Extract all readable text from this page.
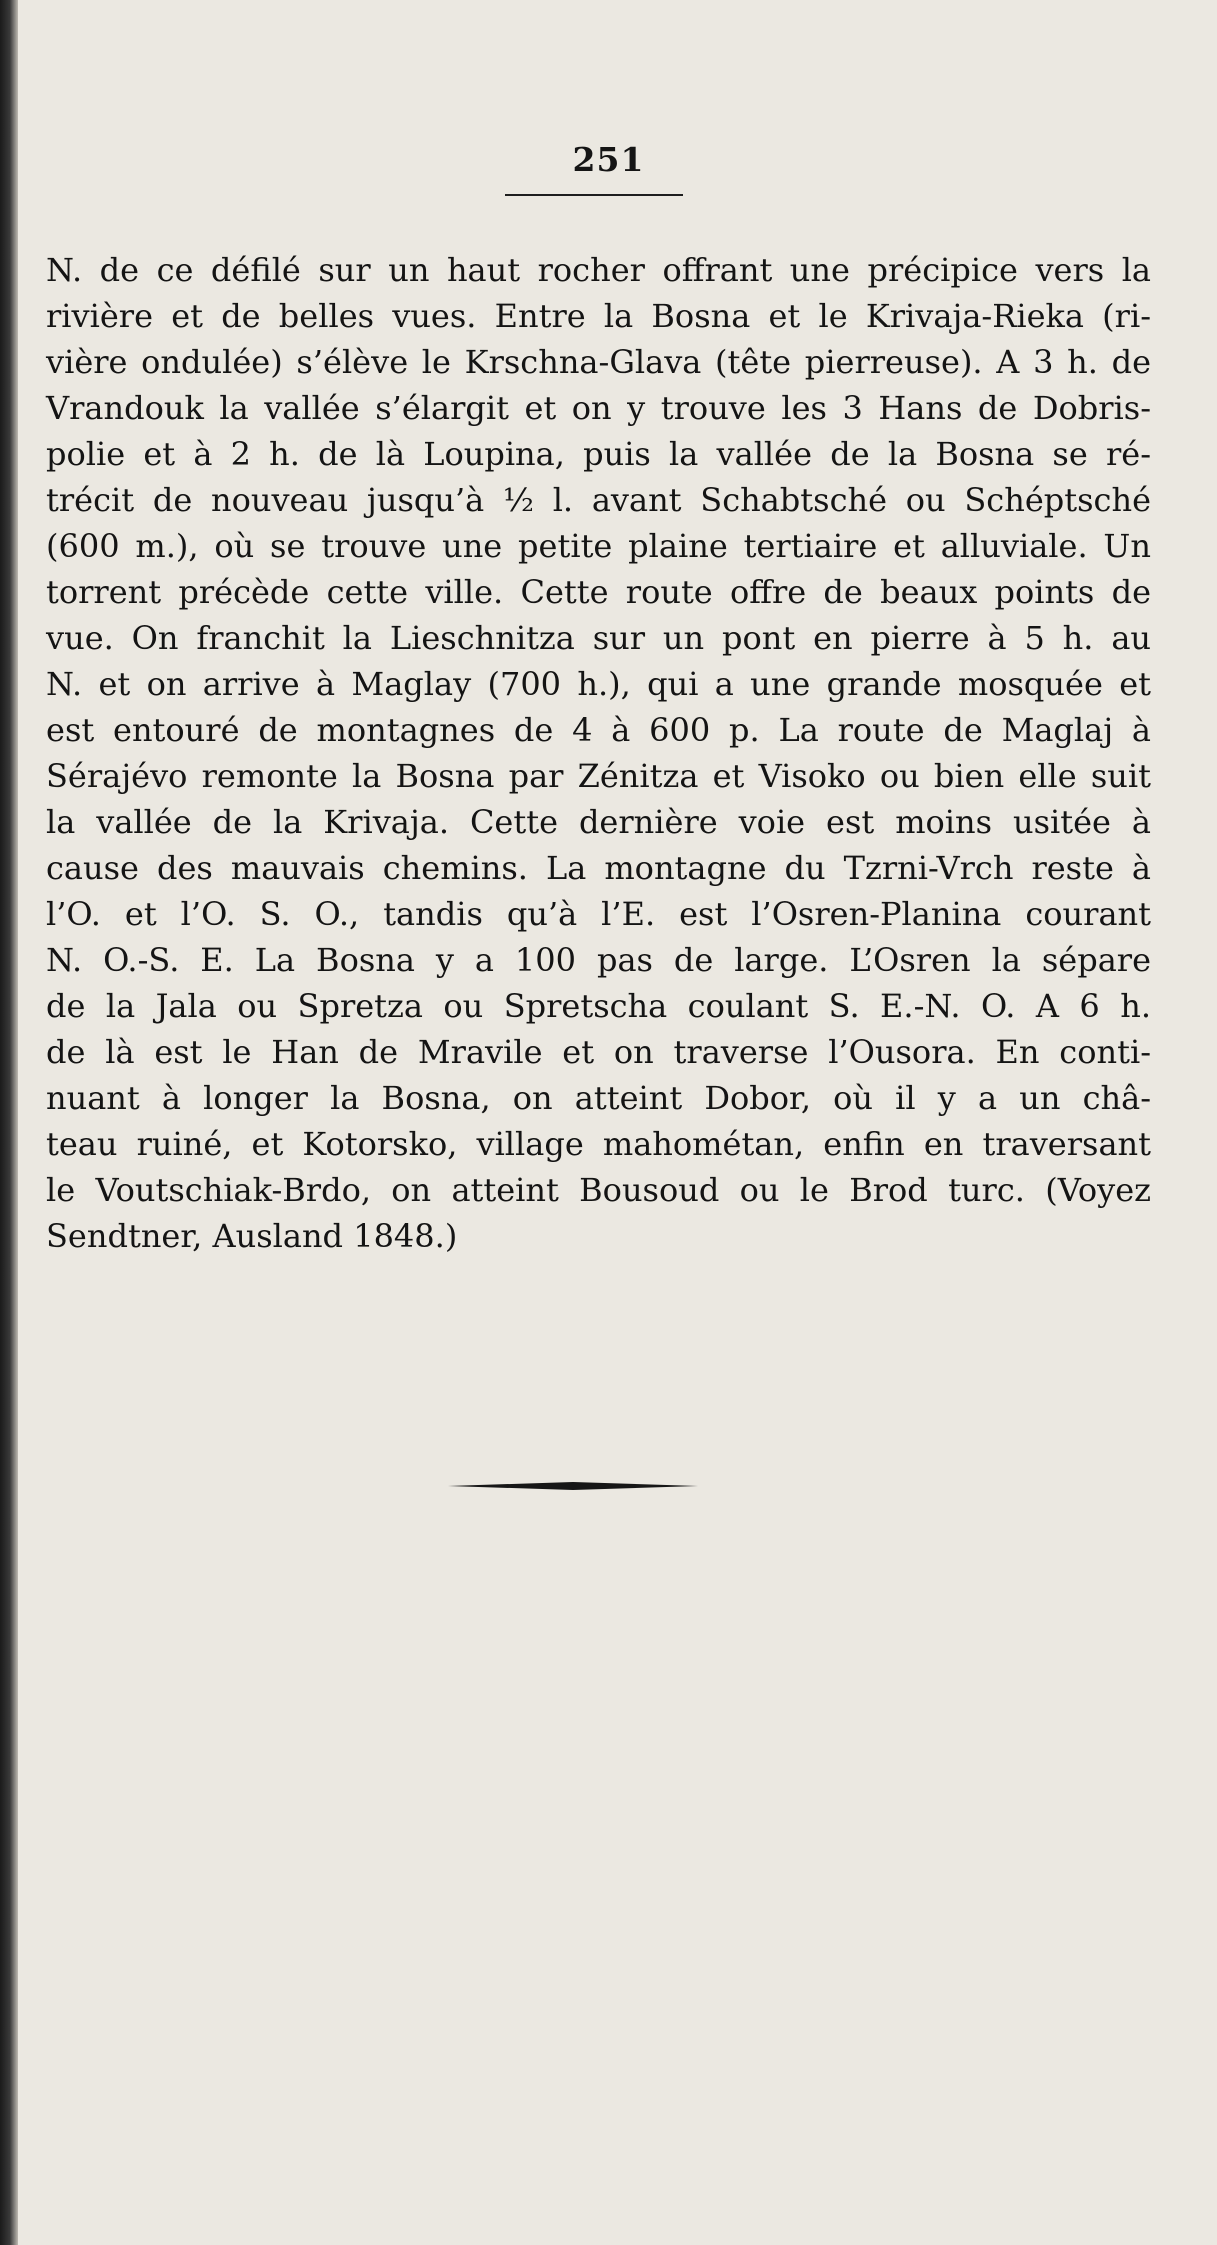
251

N. de ce défilé sur un haut rocher offrant une précipice vers la
rivière et de belles vues. Entre la Bosna et le Krivaja-Rieka (ri-
vière ondulée) s’élève le Krschna-Glava (tête pierreuse). A 3 h. de
Vrandouk la vallée s’élargit et on y trouve les 3 Hans de Dobris-
polie et à 2 h. de là Loupina, puis la vallée de la Bosna se ré-
trécit de nouveau jusqu’à ½ l. avant Schabtsché ou Schéptsché
(600 m.), où se trouve une petite plaine tertiaire et alluviale. Un
torrent précède cette ville. Cette route offre de beaux points de
vue. On franchit la Lieschnitza sur un pont en pierre à 5 h. au
N. et on arrive à Maglay (700 h.), qui a une grande mosquée et
est entouré de montagnes de 4 à 600 p. La route de Maglaj à
Sérajévo remonte la Bosna par Zénitza et Visoko ou bien elle suit
la vallée de la Krivaja. Cette dernière voie est moins usitée à
cause des mauvais chemins. La montagne du Tzrni-Vrch reste à
l’O. et l’O. S. O., tandis qu’à l’E. est l’Osren-Planina courant
N. O.-S. E. La Bosna y a 100 pas de large. L’Osren la sépare
de la Jala ou Spretza ou Spretscha coulant S. E.-N. O. A 6 h.
de là est le Han de Mravile et on traverse l’Ousora. En conti-
nuant à longer la Bosna, on atteint Dobor, où il y a un châ-
teau ruiné, et Kotorsko, village mahométan, enfin en traversant
le Voutschiak-Brdo, on atteint Bousoud ou le Brod turc. (Voyez
Sendtner, Ausland 1848.)
